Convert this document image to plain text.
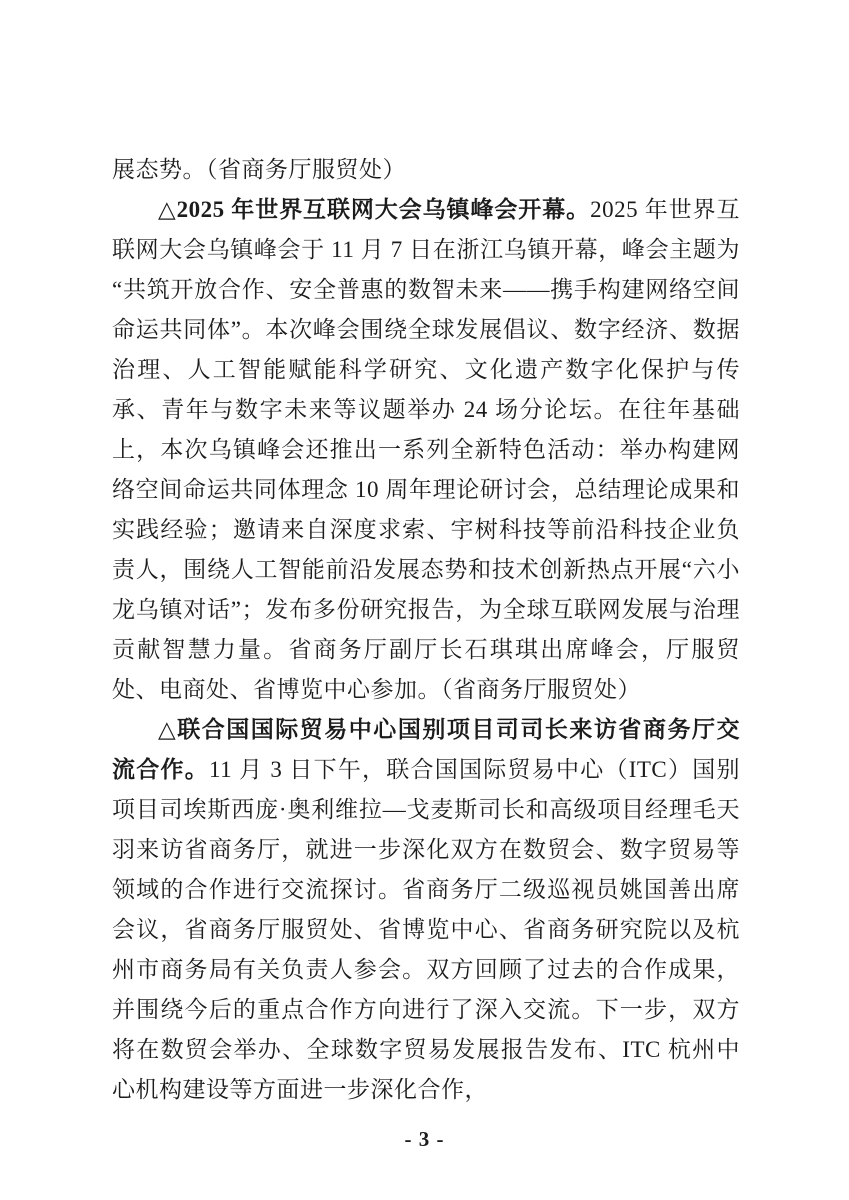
展态势。（省商务厅服贸处）

△2025 年世界互联网大会乌镇峰会开幕。2025 年世界互联网大会乌镇峰会于 11 月 7 日在浙江乌镇开幕，峰会主题为“共筑开放合作、安全普惠的数智未来——携手构建网络空间命运共同体”。本次峰会围绕全球发展倡议、数字经济、数据治理、人工智能赋能科学研究、文化遗产数字化保护与传承、青年与数字未来等议题举办 24 场分论坛。在往年基础上，本次乌镇峰会还推出一系列全新特色活动：举办构建网络空间命运共同体理念 10 周年理论研讨会，总结理论成果和实践经验；邀请来自深度求索、宇树科技等前沿科技企业负责人，围绕人工智能前沿发展态势和技术创新热点开展“六小龙乌镇对话”；发布多份研究报告，为全球互联网发展与治理贡献智慧力量。省商务厅副厅长石琪琪出席峰会，厅服贸处、电商处、省博览中心参加。（省商务厅服贸处）

△联合国国际贸易中心国别项目司司长来访省商务厅交流合作。11 月 3 日下午，联合国国际贸易中心（ITC）国别项目司埃斯西庞·奥利维拉—戈麦斯司长和高级项目经理毛天羽来访省商务厅，就进一步深化双方在数贸会、数字贸易等领域的合作进行交流探讨。省商务厅二级巡视员姚国善出席会议，省商务厅服贸处、省博览中心、省商务研究院以及杭州市商务局有关负责人参会。双方回顾了过去的合作成果，并围绕今后的重点合作方向进行了深入交流。下一步，双方将在数贸会举办、全球数字贸易发展报告发布、ITC 杭州中心机构建设等方面进一步深化合作，

- 3 -
